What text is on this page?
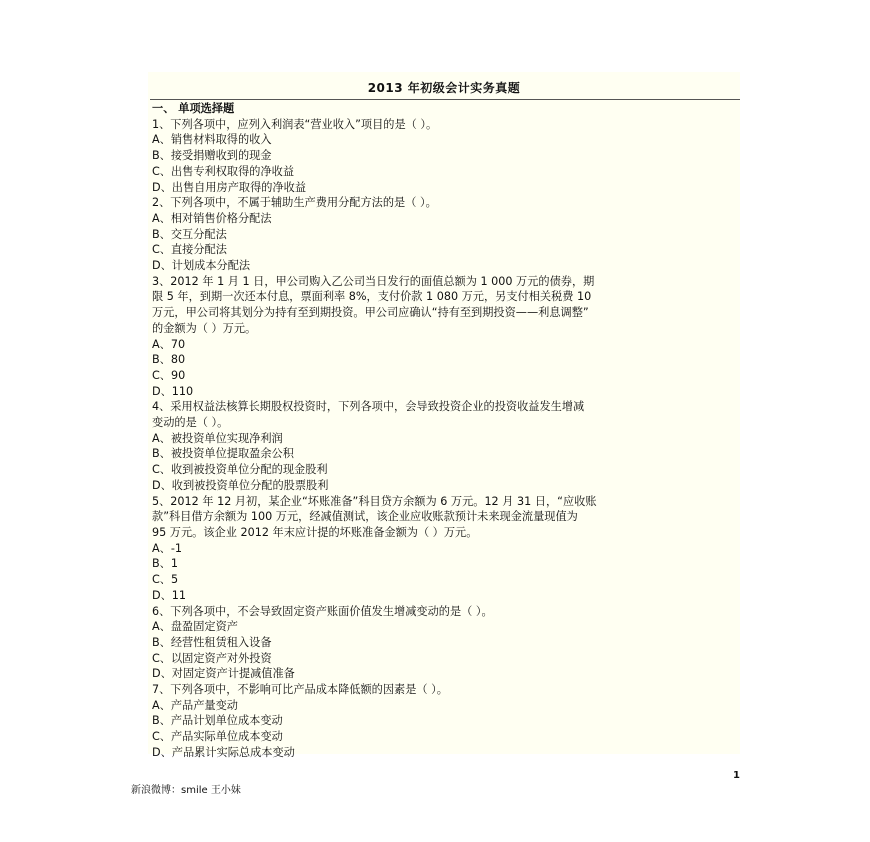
2013 年初级会计实务真题
一、 单项选择题
1、下列各项中，应列入利润表“营业收入”项目的是（ ）。
A、销售材料取得的收入
B、接受捐赠收到的现金
C、出售专利权取得的净收益
D、出售自用房产取得的净收益
2、下列各项中，不属于辅助生产费用分配方法的是（ ）。
A、相对销售价格分配法
B、交互分配法
C、直接分配法
D、计划成本分配法
3、2012 年 1 月 1 日，甲公司购入乙公司当日发行的面值总额为 1 000 万元的债券，期
限 5 年，到期一次还本付息，票面利率 8%，支付价款 1 080 万元，另支付相关税费 10
万元，甲公司将其划分为持有至到期投资。甲公司应确认“持有至到期投资——利息调整”
的金额为（ ）万元。
A、70
B、80
C、90
D、110
4、采用权益法核算长期股权投资时，下列各项中，会导致投资企业的投资收益发生增减
变动的是（ ）。
A、被投资单位实现净利润
B、被投资单位提取盈余公积
C、收到被投资单位分配的现金股利
D、收到被投资单位分配的股票股利
5、2012 年 12 月初，某企业“坏账准备”科目贷方余额为 6 万元。12 月 31 日，“应收账
款”科目借方余额为 100 万元，经减值测试，该企业应收账款预计未来现金流量现值为
95 万元。该企业 2012 年末应计提的坏账准备金额为（ ）万元。
A、-1
B、1
C、5
D、11
6、下列各项中，不会导致固定资产账面价值发生增减变动的是（ ）。
A、盘盈固定资产
B、经营性租赁租入设备
C、以固定资产对外投资
D、对固定资产计提减值准备
7、下列各项中，不影响可比产品成本降低额的因素是（ ）。
A、产品产量变动
B、产品计划单位成本变动
C、产品实际单位成本变动
D、产品累计实际总成本变动
1
新浪微博：smile 王小妹
